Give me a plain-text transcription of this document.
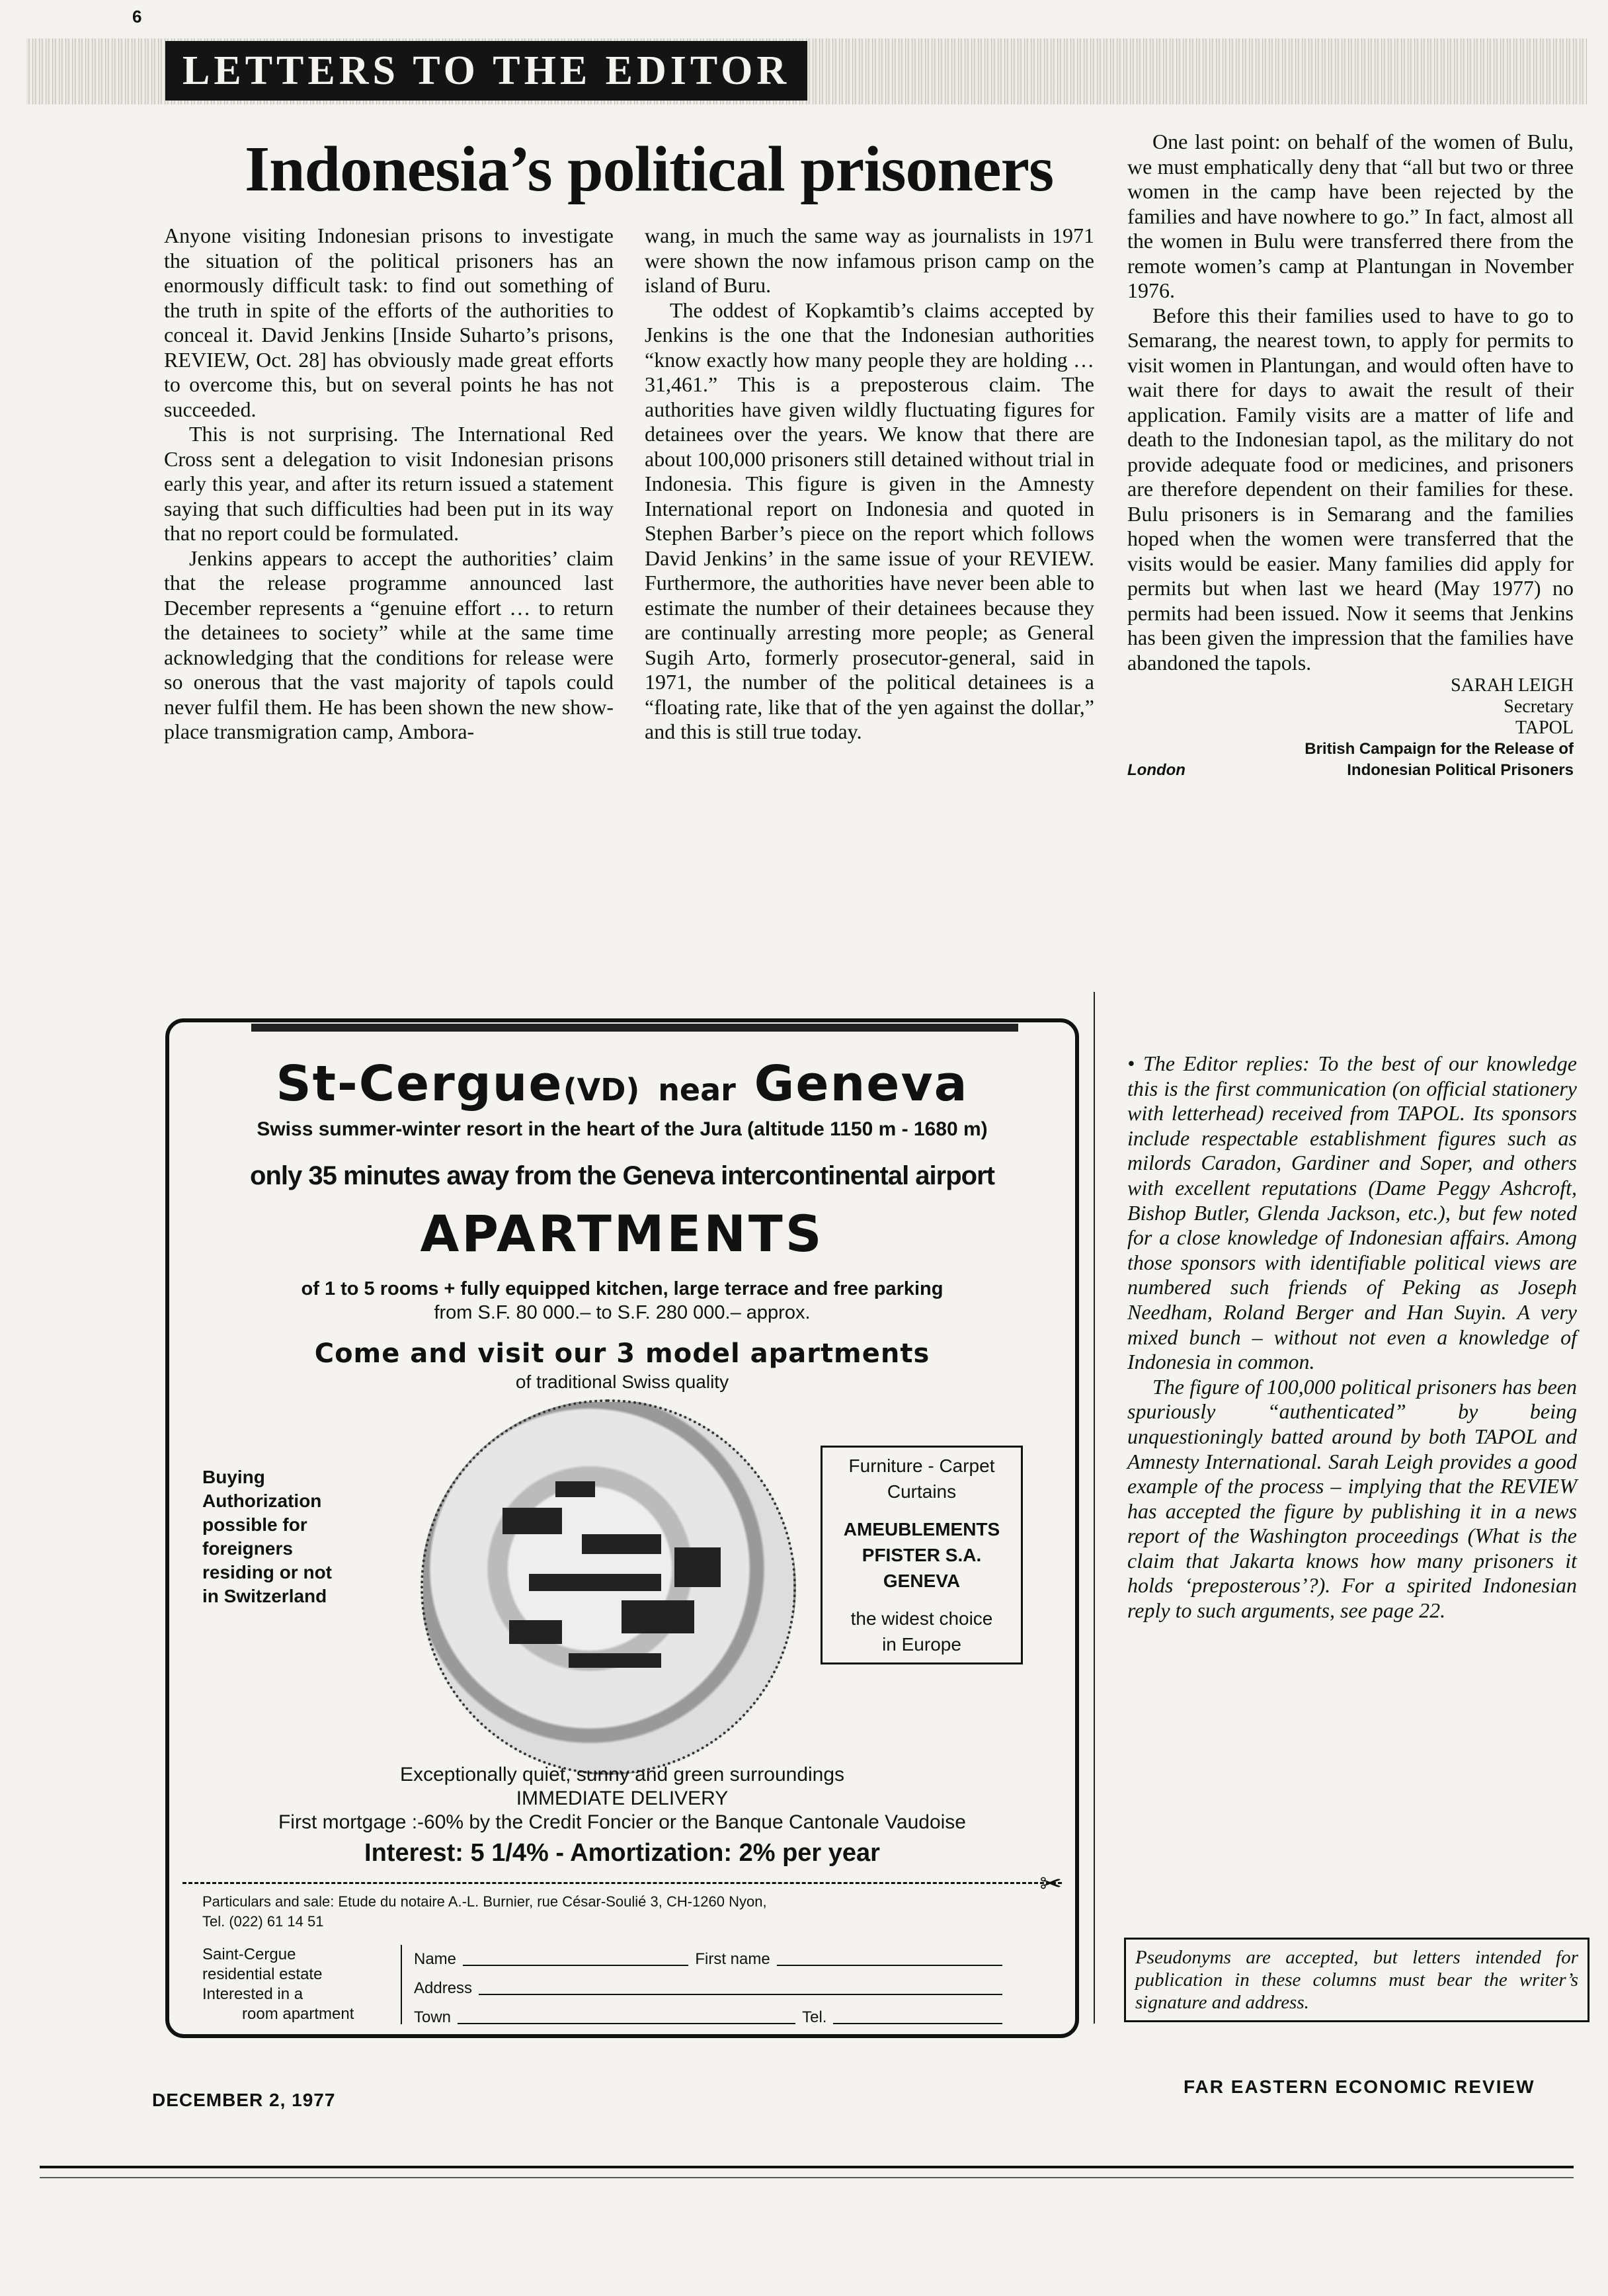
6
LETTERS TO THE EDITOR
Indonesia’s political prisoners

Anyone visiting Indonesian prisons to investigate the situation of the political prisoners has an enormously difficult task: to find out something of the truth in spite of the efforts of the authorities to conceal it. David Jenkins [Inside Suharto’s prisons, REVIEW, Oct. 28] has obviously made great efforts to overcome this, but on several points he has not succeeded.

This is not surprising. The International Red Cross sent a delegation to visit Indonesian prisons early this year, and after its return issued a statement saying that such difficulties had been put in its way that no report could be formulated.

Jenkins appears to accept the authorities’ claim that the release programme announced last December represents a “genuine effort … to return the detainees to society” while at the same time acknowledging that the conditions for release were so onerous that the vast majority of tapols could never fulfil them. He has been shown the new show-place transmigration camp, Ambora-

wang, in much the same way as journalists in 1971 were shown the now infamous prison camp on the island of Buru.

The oddest of Kopkamtib’s claims accepted by Jenkins is the one that the Indonesian authorities “know exactly how many people they are holding … 31,461.” This is a preposterous claim. The authorities have given wildly fluctuating figures for detainees over the years. We know that there are about 100,000 prisoners still detained without trial in Indonesia. This figure is given in the Amnesty International report on Indonesia and quoted in Stephen Barber’s piece on the report which follows David Jenkins’ in the same issue of your REVIEW. Furthermore, the authorities have never been able to estimate the number of their detainees because they are continually arresting more people; as General Sugih Arto, formerly prosecutor-general, said in 1971, the number of the political detainees is a “floating rate, like that of the yen against the dollar,” and this is still true today.

One last point: on behalf of the women of Bulu, we must emphatically deny that “all but two or three women in the camp have been rejected by the families and have nowhere to go.” In fact, almost all the women in Bulu were transferred there from the remote women’s camp at Plantungan in November 1976.

Before this their families used to have to go to Semarang, the nearest town, to apply for permits to visit women in Plantungan, and would often have to wait there for days to await the result of their application. Family visits are a matter of life and death to the Indonesian tapol, as the military do not provide adequate food or medicines, and prisoners are therefore dependent on their families for these. Bulu prisoners is in Semarang and the families hoped when the women were transferred that the visits would be easier. Many families did apply for permits but when last we heard (May 1977) no permits had been issued. Now it seems that Jenkins has been given the impression that the families have abandoned the tapols.

SARAH LEIGH
Secretary
TAPOL
British Campaign for the Release of
London	Indonesian Political Prisoners

• The Editor replies: To the best of our knowledge this is the first communication (on official stationery with letterhead) received from TAPOL. Its sponsors include respectable establishment figures such as milords Caradon, Gardiner and Soper, and others with excellent reputations (Dame Peggy Ashcroft, Bishop Butler, Glenda Jackson, etc.), but few noted for a close knowledge of Indonesian affairs. Among those sponsors with identifiable political views are numbered such friends of Peking as Joseph Needham, Roland Berger and Han Suyin. A very mixed bunch – without not even a knowledge of Indonesia in common.

The figure of 100,000 political prisoners has been spuriously “authenticated” by being unquestioningly batted around by both TAPOL and Amnesty International. Sarah Leigh provides a good example of the process – implying that the REVIEW has accepted the figure by publishing it in a news report of the Washington proceedings (What is the claim that Jakarta knows how many prisoners it holds ‘preposterous’?). For a spirited Indonesian reply to such arguments, see page 22.

Pseudonyms are accepted, but letters intended for publication in these columns must bear the writer’s signature and address.
St-Cergue(VD) near Geneva
Swiss summer-winter resort in the heart of the Jura (altitude 1150 m - 1680 m)
only 35 minutes away from the Geneva intercontinental airport
APARTMENTS
of 1 to 5 rooms + fully equipped kitchen, large terrace and free parking
from S.F. 80 000.– to S.F. 280 000.– approx.
Come and visit our 3 model apartments
of traditional Swiss quality
Buying
Authorization
possible for
foreigners
residing or not
in Switzerland
Furniture - Carpet
Curtains
AMEUBLEMENTS
PFISTER S.A.
GENEVA
the widest choice
in Europe
Exceptionally quiet, sunny and green surroundings
IMMEDIATE DELIVERY
First mortgage :-60% by the Credit Foncier or the Banque Cantonale Vaudoise
Interest: 5 1/4% - Amortization: 2% per year
✂
Particulars and sale: Etude du notaire A.-L. Burnier, rue César-Soulié 3, CH-1260 Nyon,
Tel. (022) 61 14 51
Saint-Cergue
residential estate
Interested in a
room apartment
Name	First name
Address
Town	Tel.
DECEMBER 2, 1977
FAR EASTERN ECONOMIC REVIEW
